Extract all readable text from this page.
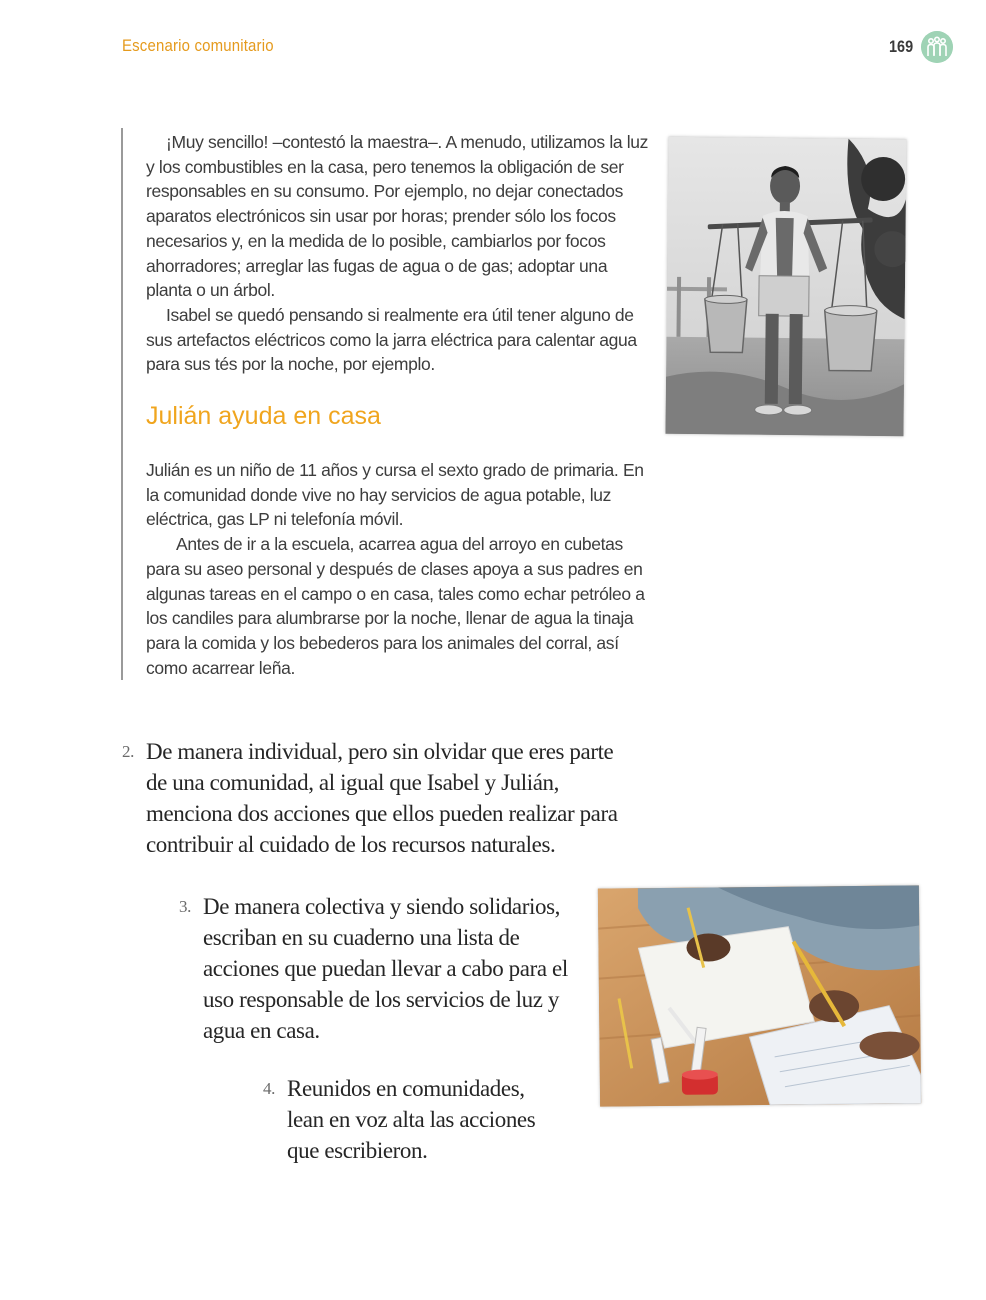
Escenario comunitario	169

¡Muy sencillo! –contestó la maestra–. A menudo, utilizamos la luz y los combustibles en la casa, pero tenemos la obligación de ser responsables en su consumo. Por ejemplo, no dejar conectados aparatos electrónicos sin usar por horas; prender sólo los focos necesarios y, en la medida de lo posible, cambiarlos por focos ahorradores; arreglar las fugas de agua o de gas; adoptar una planta o un árbol.

Isabel se quedó pensando si realmente era útil tener alguno de sus artefactos eléctricos como la jarra eléctrica para calentar agua para sus tés por la noche, por ejemplo.

Julián ayuda en casa

Julián es un niño de 11 años y cursa el sexto grado de primaria. En la comunidad donde vive no hay servicios de agua potable, luz eléctrica, gas LP ni telefonía móvil.

Antes de ir a la escuela, acarrea agua del arroyo en cubetas para su aseo personal y después de clases apoya a sus padres en algunas tareas en el campo o en casa, tales como echar petróleo a los candiles para alumbrarse por la noche, llenar de agua la tinaja para la comida y los bebederos para los animales del corral, así como acarrear leña.

2. De manera individual, pero sin olvidar que eres parte de una comunidad, al igual que Isabel y Julián, menciona dos acciones que ellos pueden realizar para contribuir al cuidado de los recursos naturales.
3. De manera colectiva y siendo solidarios, escriban en su cuaderno una lista de acciones que puedan llevar a cabo para el uso responsable de los servicios de luz y agua en casa.
4. Reunidos en comunidades, lean en voz alta las acciones que escribieron.
